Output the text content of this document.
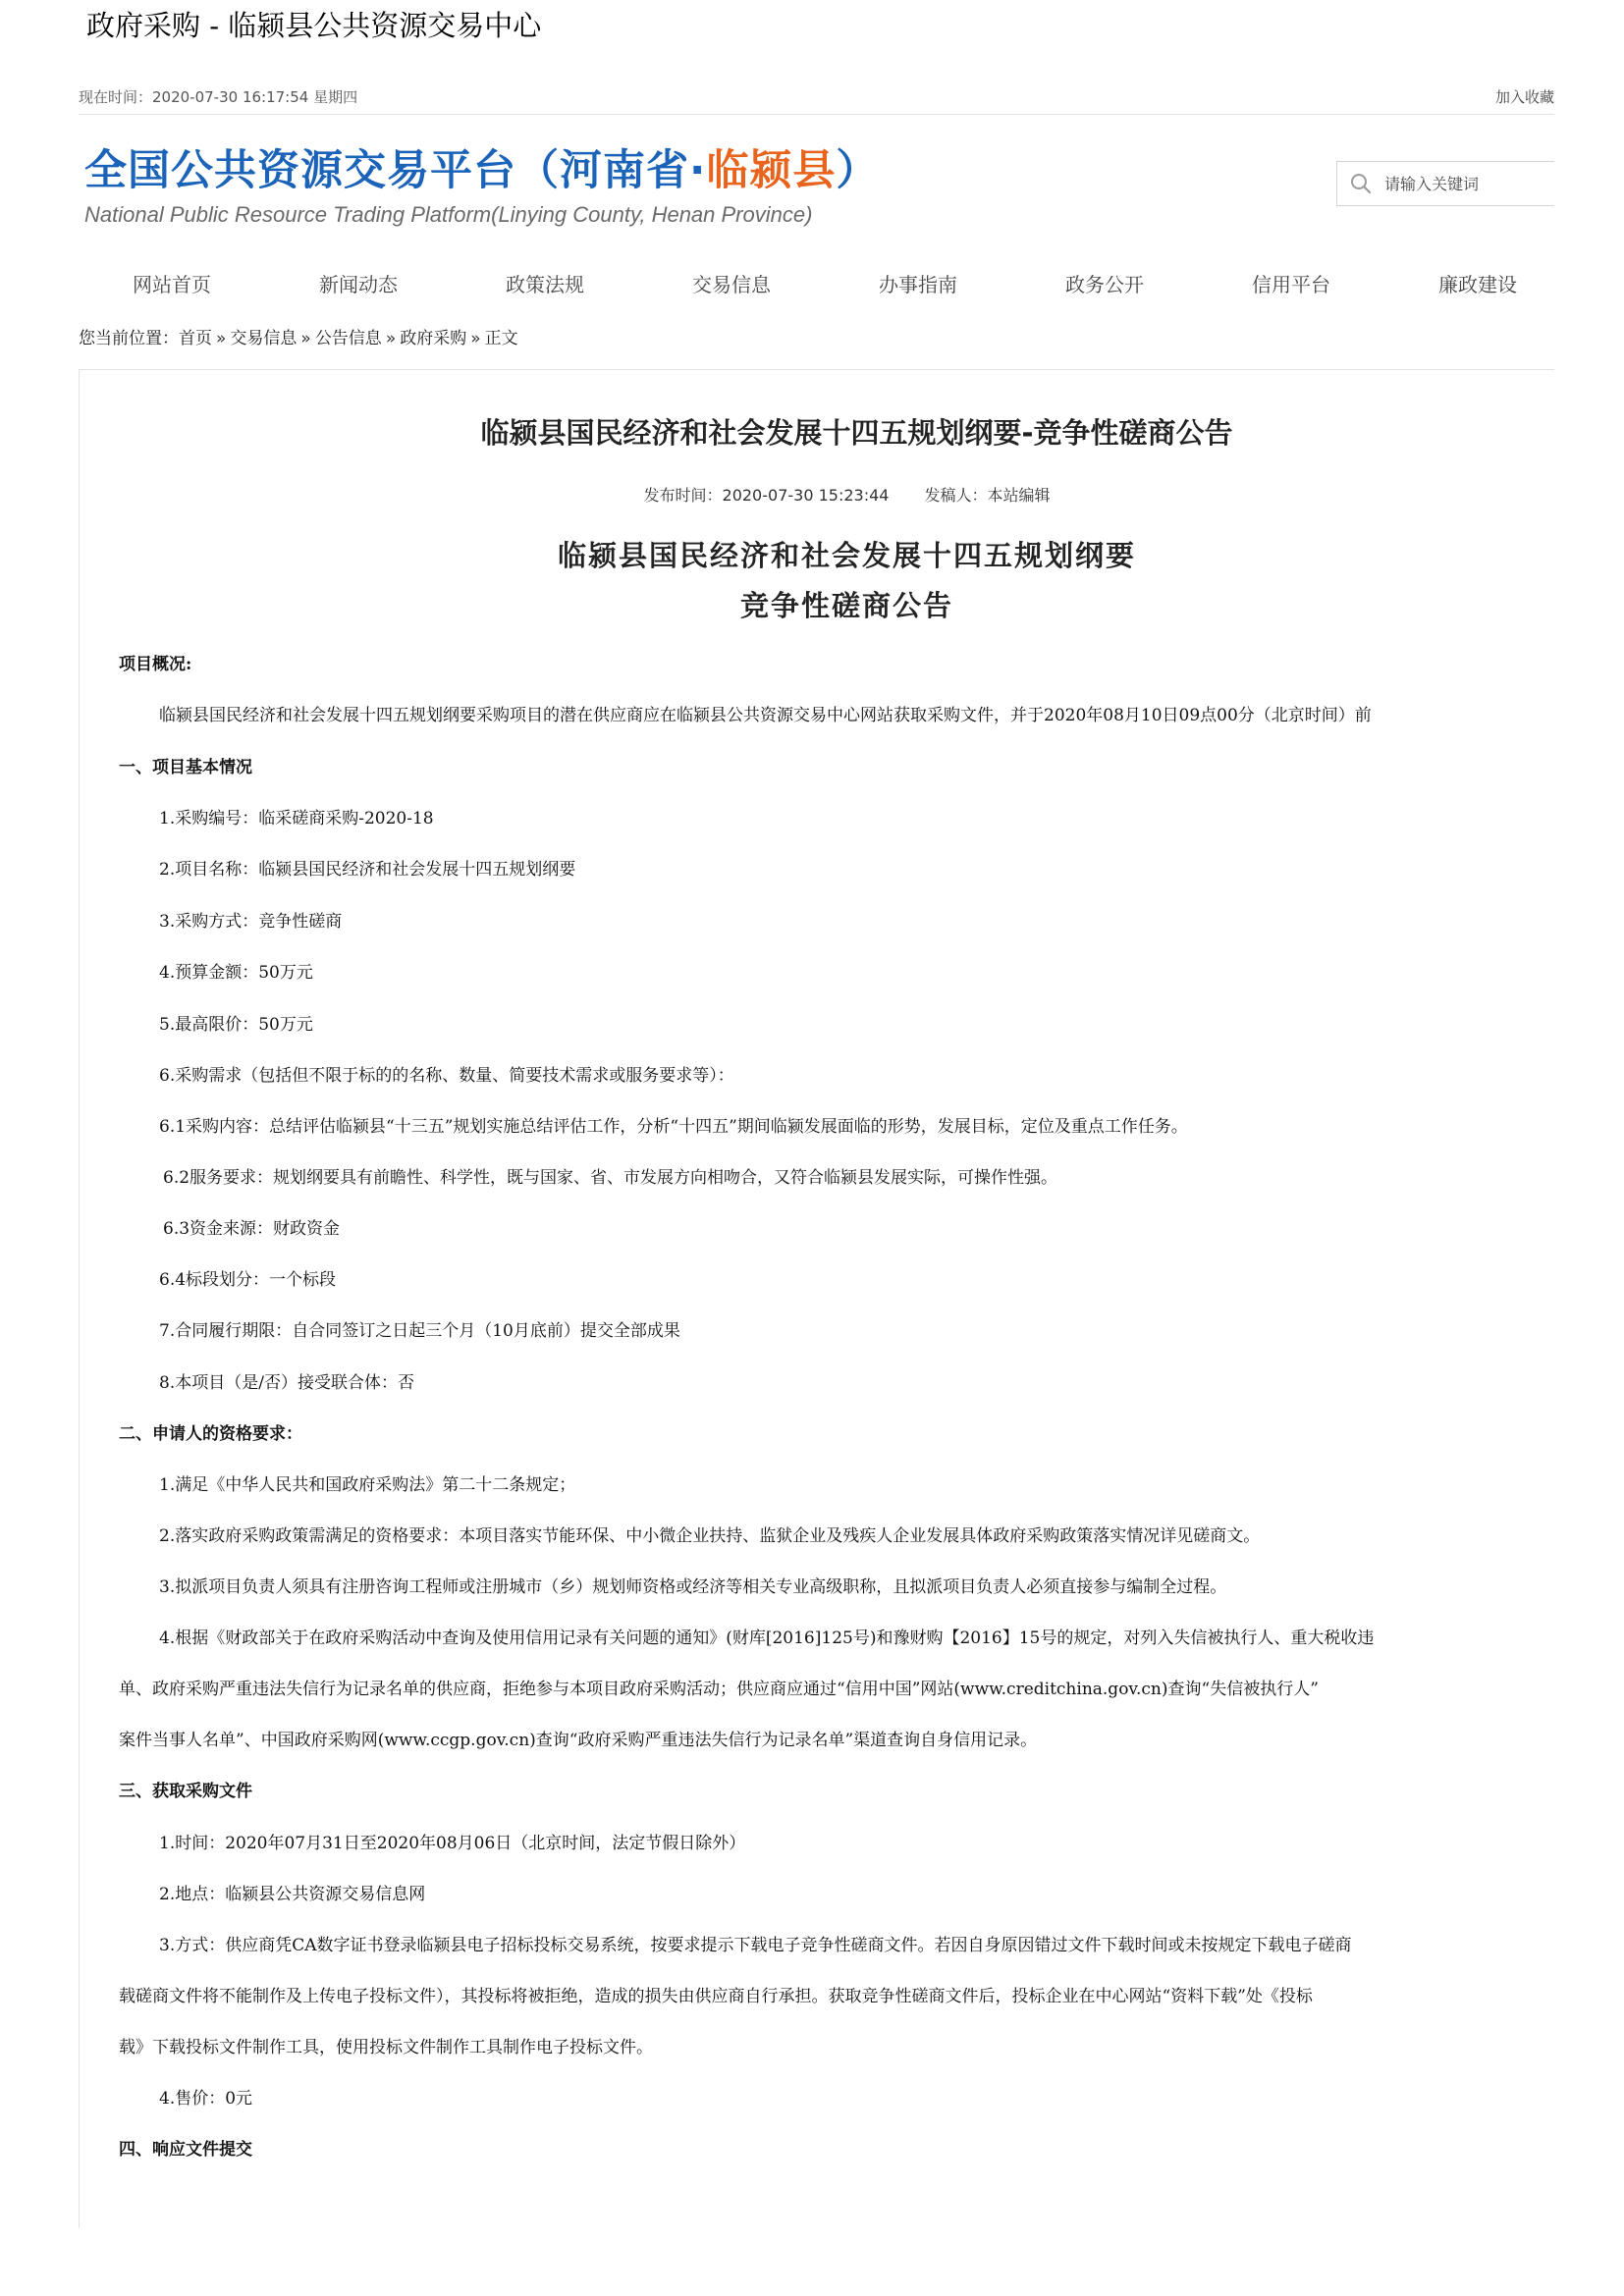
政府采购 - 临颍县公共资源交易中心
现在时间：2020-07-30 16:17:54 星期四	加入收藏
全国公共资源交易平台（河南省·临颍县）
National Public Resource Trading Platform(Linying County, Henan Province)
请输入关键词
网站首页	新闻动态	政策法规	交易信息	办事指南	政务公开	信用平台	廉政建设
您当前位置：首页 » 交易信息 » 公告信息 » 政府采购 » 正文
临颍县国民经济和社会发展十四五规划纲要-竞争性磋商公告
发布时间：2020-07-30 15:23:44 发稿人：本站编辑
临颍县国民经济和社会发展十四五规划纲要
竞争性磋商公告
项目概况:
临颍县国民经济和社会发展十四五规划纲要采购项目的潜在供应商应在临颍县公共资源交易中心网站获取采购文件，并于2020年08月10日09点00分（北京时间）前
一、项目基本情况
1.采购编号：临采磋商采购-2020-18
2.项目名称：临颍县国民经济和社会发展十四五规划纲要
3.采购方式：竞争性磋商
4.预算金额：50万元
5.最高限价：50万元
6.采购需求（包括但不限于标的的名称、数量、简要技术需求或服务要求等）：
6.1采购内容：总结评估临颍县“十三五”规划实施总结评估工作，分析“十四五”期间临颍发展面临的形势，发展目标，定位及重点工作任务。
6.2服务要求：规划纲要具有前瞻性、科学性，既与国家、省、市发展方向相吻合，又符合临颍县发展实际，可操作性强。
6.3资金来源：财政资金
6.4标段划分：一个标段
7.合同履行期限：自合同签订之日起三个月（10月底前）提交全部成果
8.本项目（是/否）接受联合体：否
二、申请人的资格要求：
1.满足《中华人民共和国政府采购法》第二十二条规定；
2.落实政府采购政策需满足的资格要求：本项目落实节能环保、中小微企业扶持、监狱企业及残疾人企业发展具体政府采购政策落实情况详见磋商文。
3.拟派项目负责人须具有注册咨询工程师或注册城市（乡）规划师资格或经济等相关专业高级职称，且拟派项目负责人必须直接参与编制全过程。
4.根据《财政部关于在政府采购活动中查询及使用信用记录有关问题的通知》(财库[2016]125号)和豫财购【2016】15号的规定，对列入失信被执行人、重大税收违
单、政府采购严重违法失信行为记录名单的供应商，拒绝参与本项目政府采购活动；供应商应通过“信用中国”网站(www.creditchina.gov.cn)查询“失信被执行人”
案件当事人名单”、中国政府采购网(www.ccgp.gov.cn)查询“政府采购严重违法失信行为记录名单”渠道查询自身信用记录。
三、获取采购文件
1.时间：2020年07月31日至2020年08月06日（北京时间，法定节假日除外）
2.地点：临颍县公共资源交易信息网
3.方式：供应商凭CA数字证书登录临颍县电子招标投标交易系统，按要求提示下载电子竞争性磋商文件。若因自身原因错过文件下载时间或未按规定下载电子磋商
载磋商文件将不能制作及上传电子投标文件），其投标将被拒绝，造成的损失由供应商自行承担。获取竞争性磋商文件后，投标企业在中心网站“资料下载”处《投标
载》下载投标文件制作工具，使用投标文件制作工具制作电子投标文件。
4.售价：0元
四、响应文件提交
